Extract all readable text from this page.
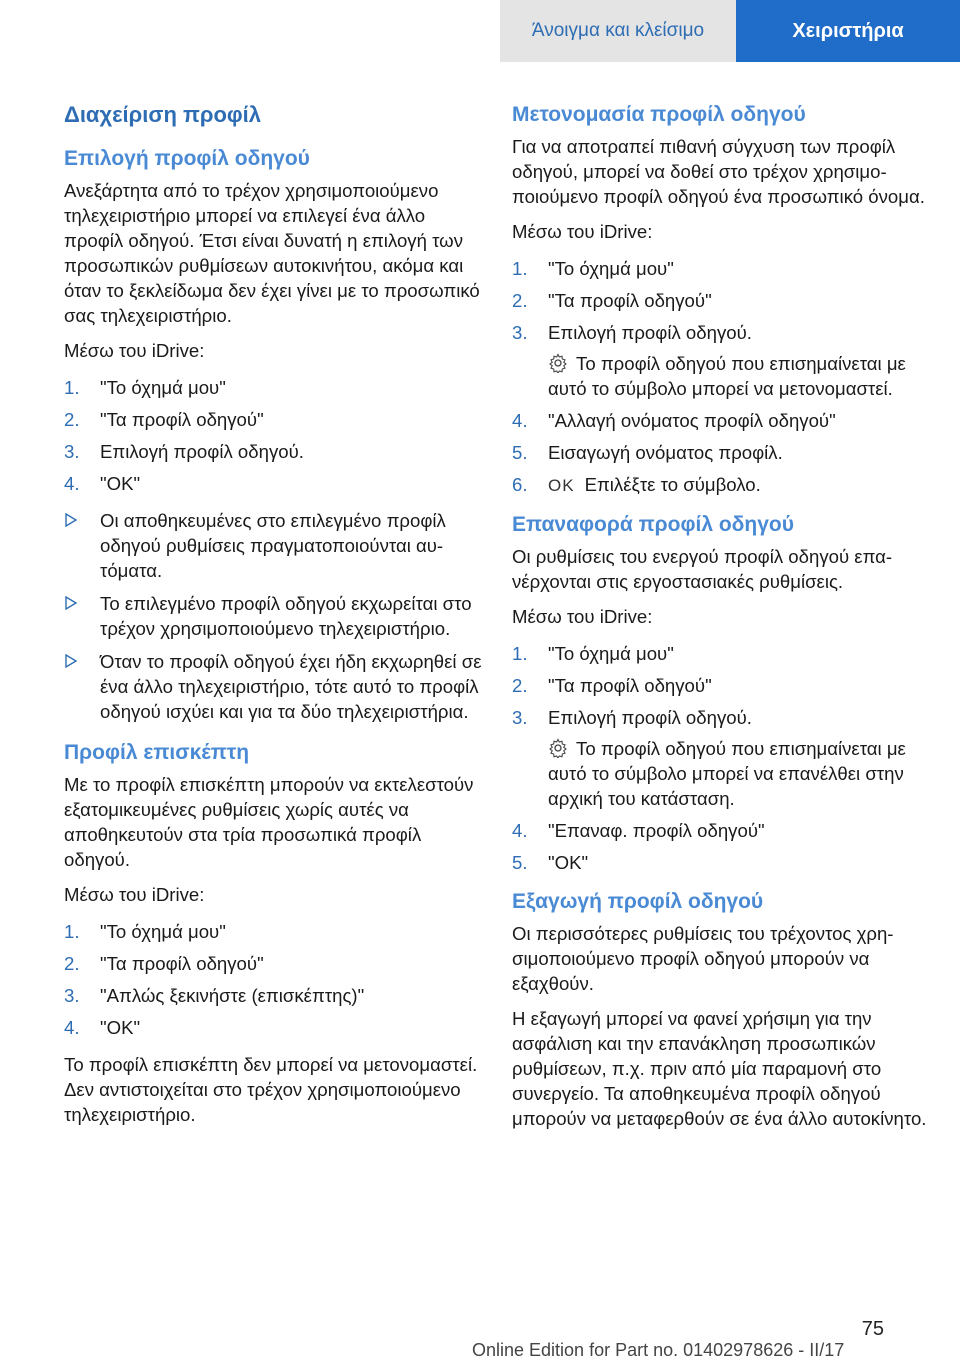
Άνοιγμα και κλείσιμο	Χειριστήρια
Διαχείριση προφίλ
Επιλογή προφίλ οδηγού

Ανεξάρτητα από το τρέχον χρησιμοποιούμενο τηλεχειριστήριο μπορεί να επιλεγεί ένα άλλο προφίλ οδηγού. Έτσι είναι δυνατή η επιλογή των προσωπικών ρυθμίσεων αυτοκινήτου, ακόμα και όταν το ξεκλείδωμα δεν έχει γίνει με το προσωπικό σας τηλεχειριστήριο.

Μέσω του iDrive:

1. "Το όχημά μου"
2. "Τα προφίλ οδηγού"
3. Επιλογή προφίλ οδηγού.
4. "OK"
Οι αποθηκευμένες στο επιλεγμένο προφίλ οδηγού ρυθμίσεις πραγματοποιούνται αυτόματα.
Το επιλεγμένο προφίλ οδηγού εκχωρείται στο τρέχον χρησιμοποιούμενο τηλεχειριστήριο.
Όταν το προφίλ οδηγού έχει ήδη εκχωρηθεί σε ένα άλλο τηλεχειριστήριο, τότε αυτό το προφίλ οδηγού ισχύει και για τα δύο τηλεχειριστήρια.
Προφίλ επισκέπτη

Με το προφίλ επισκέπτη μπορούν να εκτελεστούν εξατομικευμένες ρυθμίσεις χωρίς αυτές να αποθηκευτούν στα τρία προσωπικά προφίλ οδηγού.

Μέσω του iDrive:

1. "Το όχημά μου"
2. "Τα προφίλ οδηγού"
3. "Απλώς ξεκινήστε (επισκέπτης)"
4. "OK"

Το προφίλ επισκέπτη δεν μπορεί να μετονομαστεί. Δεν αντιστοιχείται στο τρέχον χρησιμοποιούμενο τηλεχειριστήριο.

Μετονομασία προφίλ οδηγού

Για να αποτραπεί πιθανή σύγχυση των προφίλ οδηγού, μπορεί να δοθεί στο τρέχον χρησιμοποιούμενο προφίλ οδηγού ένα προσωπικό όνομα.

Μέσω του iDrive:

1. "Το όχημά μου"
2. "Τα προφίλ οδηγού"
3. Επιλογή προφίλ οδηγού.
Το προφίλ οδηγού που επισημαίνεται με αυτό το σύμβολο μπορεί να μετονομαστεί.
4. "Αλλαγή ονόματος προφίλ οδηγού"
5. Εισαγωγή ονόματος προφίλ.
6. OK Επιλέξτε το σύμβολο.
Επαναφορά προφίλ οδηγού

Οι ρυθμίσεις του ενεργού προφίλ οδηγού επανέρχονται στις εργοστασιακές ρυθμίσεις.

Μέσω του iDrive:

1. "Το όχημά μου"
2. "Τα προφίλ οδηγού"
3. Επιλογή προφίλ οδηγού.
Το προφίλ οδηγού που επισημαίνεται με αυτό το σύμβολο μπορεί να επανέλθει στην αρχική του κατάσταση.
4. "Επαναφ. προφίλ οδηγού"
5. "OK"
Εξαγωγή προφίλ οδηγού

Οι περισσότερες ρυθμίσεις του τρέχοντος χρησιμοποιούμενο προφίλ οδηγού μπορούν να εξαχθούν.

Η εξαγωγή μπορεί να φανεί χρήσιμη για την ασφάλιση και την επανάκληση προσωπικών ρυθμίσεων, π.χ. πριν από μία παραμονή στο συνεργείο. Τα αποθηκευμένα προφίλ οδηγού μπορούν να μεταφερθούν σε ένα άλλο αυτοκίνητο.

75
Online Edition for Part no. 01402978626 - II/17
